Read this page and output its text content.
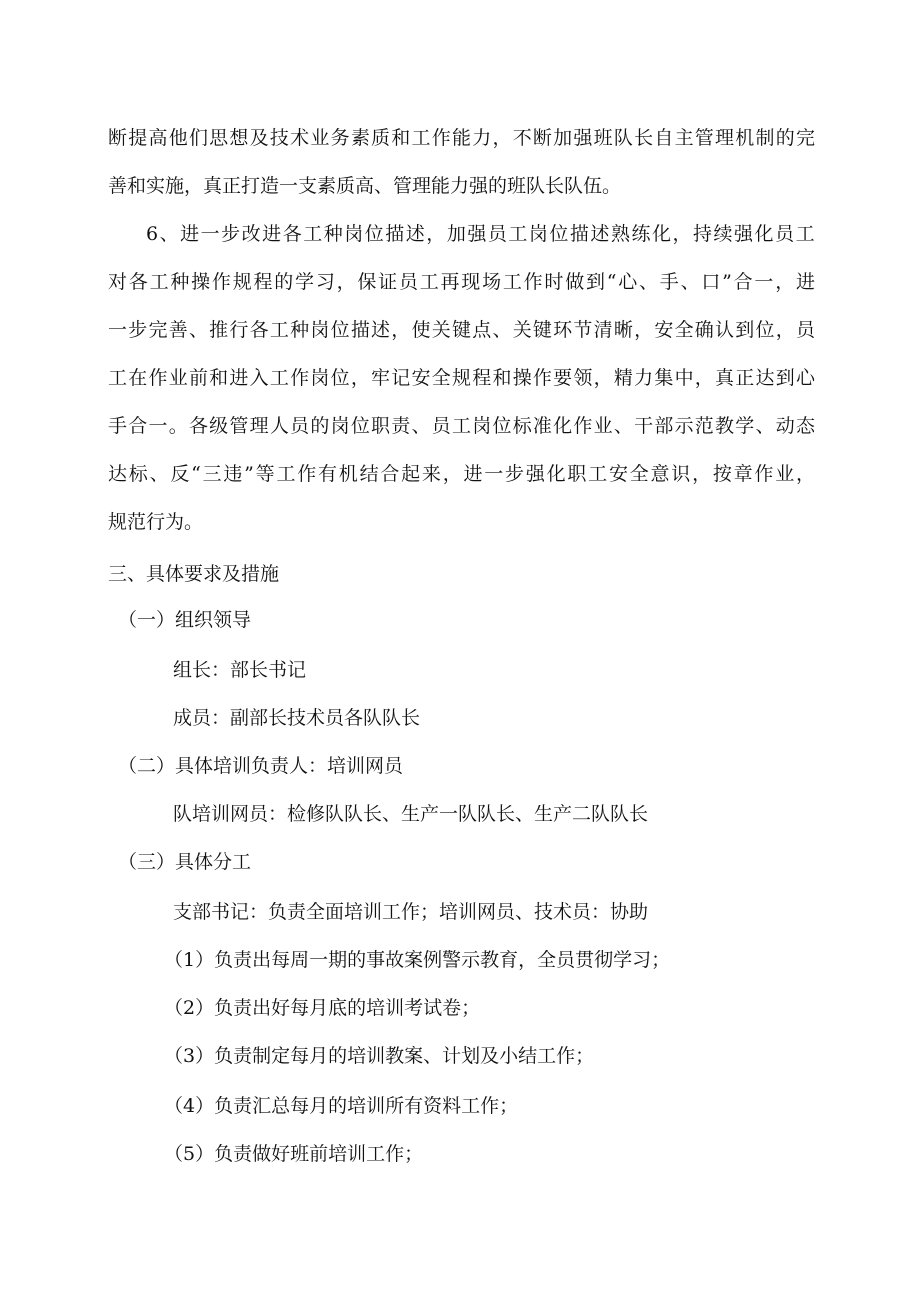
断 提 高 他 们 思 想 及 技 术 业 务 素 质 和 工 作 能 力 ， 不 断 加 强 班 队 长 自 主 管 理 机 制 的 完
善和实施，真正打造一支素质高、管理能力强的班队长队伍。
6 、 进 一 步 改 进 各 工 种 岗 位 描 述 ， 加 强 员 工 岗 位 描 述 熟 练 化 ， 持 续 强 化 员 工
对 各 工 种 操 作 规 程 的 学 习 ， 保 证 员 工 再 现 场 工 作 时 做 到 “ 心 、 手 、 口 ” 合 一 ， 进
一 步 完 善 、 推 行 各 工 种 岗 位 描 述 ， 使 关 键 点 、 关 键 环 节 清 晰 ， 安 全 确 认 到 位 ， 员
工 在 作 业 前 和 进 入 工 作 岗 位 ， 牢 记 安 全 规 程 和 操 作 要 领 ， 精 力 集 中 ， 真 正 达 到 心
手 合 一 。 各 级 管 理 人 员 的 岗 位 职 责 、 员 工 岗 位 标 准 化 作 业 、 干 部 示 范 教 学 、 动 态
达 标 、 反 “ 三 违 ” 等 工 作 有 机 结 合 起 来 ， 进 一 步 强 化 职 工 安 全 意 识 ， 按 章 作 业 ，
规范行为。
三、具体要求及措施
（一）组织领导
组长：部长书记
成员：副部长技术员各队队长
（二）具体培训负责人：培训网员
队培训网员：检修队队长、生产一队队长、生产二队队长
（三）具体分工
支部书记：负责全面培训工作；培训网员、技术员：协助
（1）负责出每周一期的事故案例警示教育，全员贯彻学习；
（2）负责出好每月底的培训考试卷；
（3）负责制定每月的培训教案、计划及小结工作；
（4）负责汇总每月的培训所有资料工作；
（5）负责做好班前培训工作；
